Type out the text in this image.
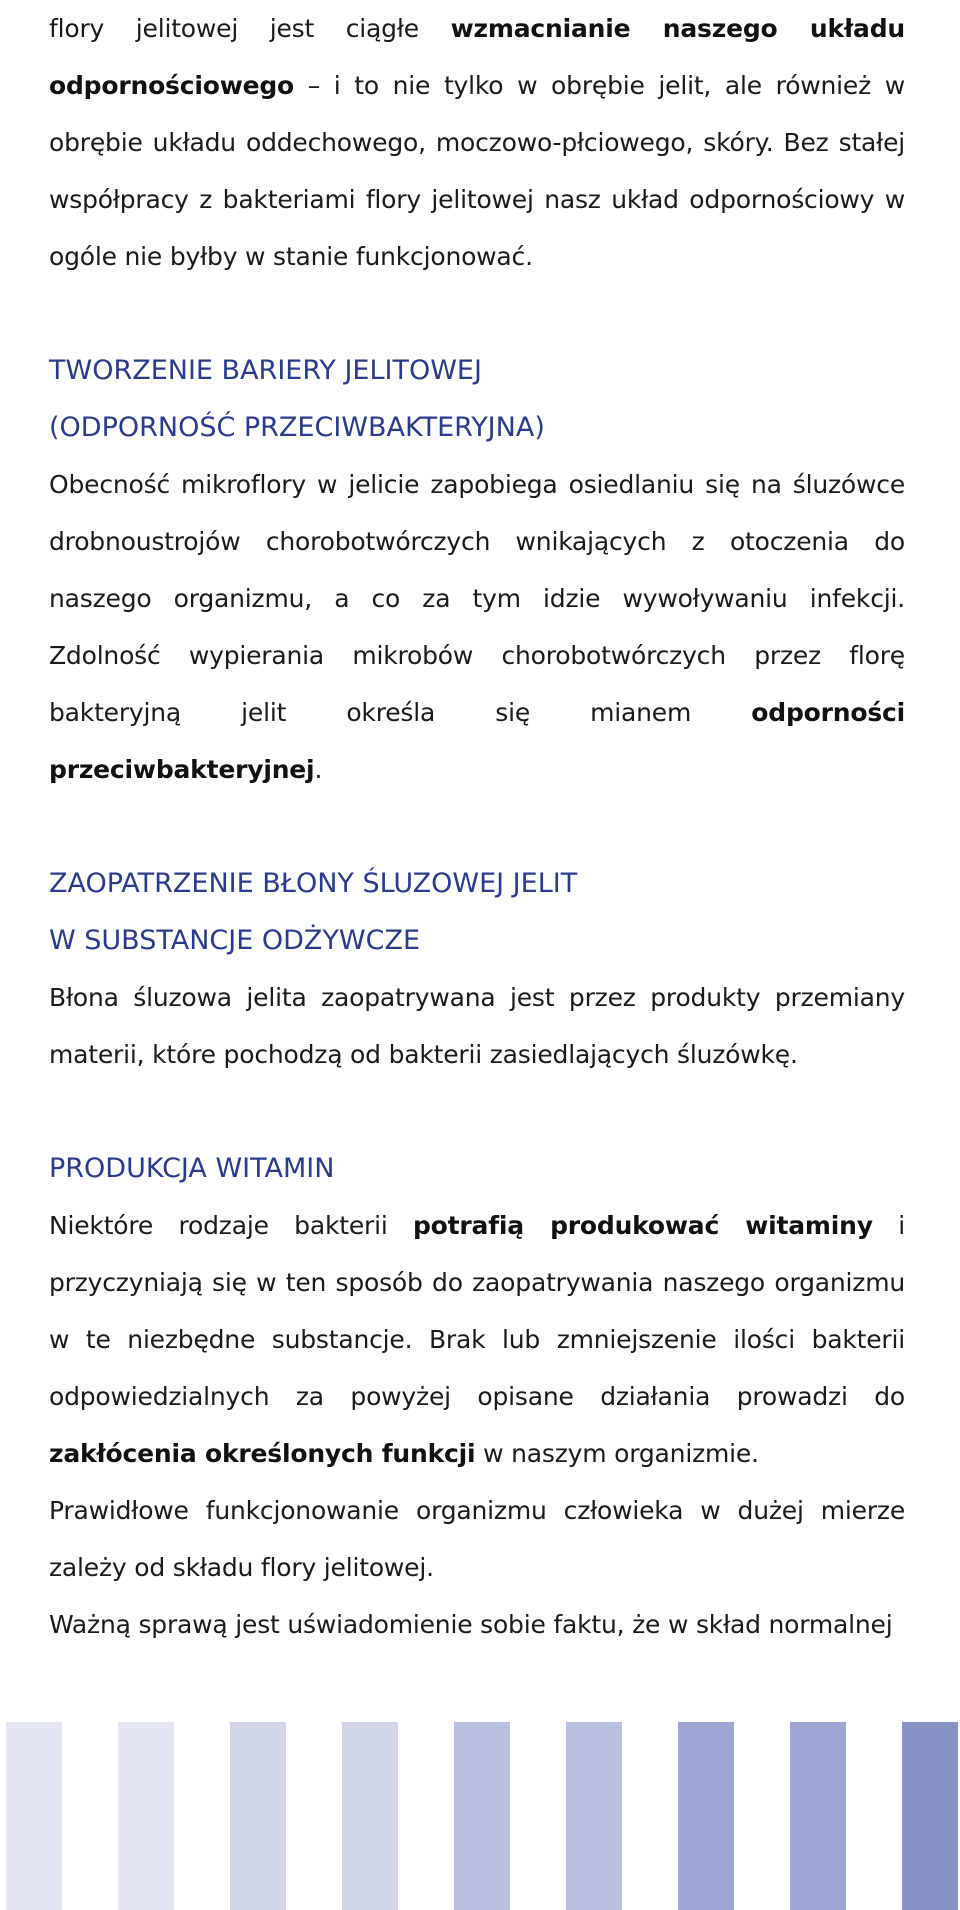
flory jelitowej jest ciągłe wzmacnianie naszego układu odpornościowego – i to nie tylko w obrębie jelit, ale również w obrębie układu oddechowego, moczowo-płciowego, skóry. Bez stałej współpracy z bakteriami flory jelitowej nasz układ odpornościowy w ogóle nie byłby w stanie funkcjonować.

TWORZENIE BARIERY JELITOWEJ
(ODPORNOŚĆ PRZECIWBAKTERYJNA)

Obecność mikroflory w jelicie zapobiega osiedlaniu się na śluzówce drobnoustrojów chorobotwórczych wnikających z otoczenia do naszego organizmu, a co za tym idzie wywoływaniu infekcji. Zdolność wypierania mikrobów chorobotwórczych przez florę bakteryjną jelit określa się mianem odporności przeciwbakteryjnej.

ZAOPATRZENIE BŁONY ŚLUZOWEJ JELIT
W SUBSTANCJE ODŻYWCZE

Błona śluzowa jelita zaopatrywana jest przez produkty przemiany materii, które pochodzą od bakterii zasiedlających śluzówkę.

PRODUKCJA WITAMIN

Niektóre rodzaje bakterii potrafią produkować witaminy i przyczyniają się w ten sposób do zaopatrywania naszego organizmu w te niezbędne substancje. Brak lub zmniejszenie ilości bakterii odpowiedzialnych za powyżej opisane działania prowadzi do zakłócenia określonych funkcji w naszym organizmie.

Prawidłowe funkcjonowanie organizmu człowieka w dużej mierze zależy od składu flory jelitowej.

Ważną sprawą jest uświadomienie sobie faktu, że w skład normalnej
